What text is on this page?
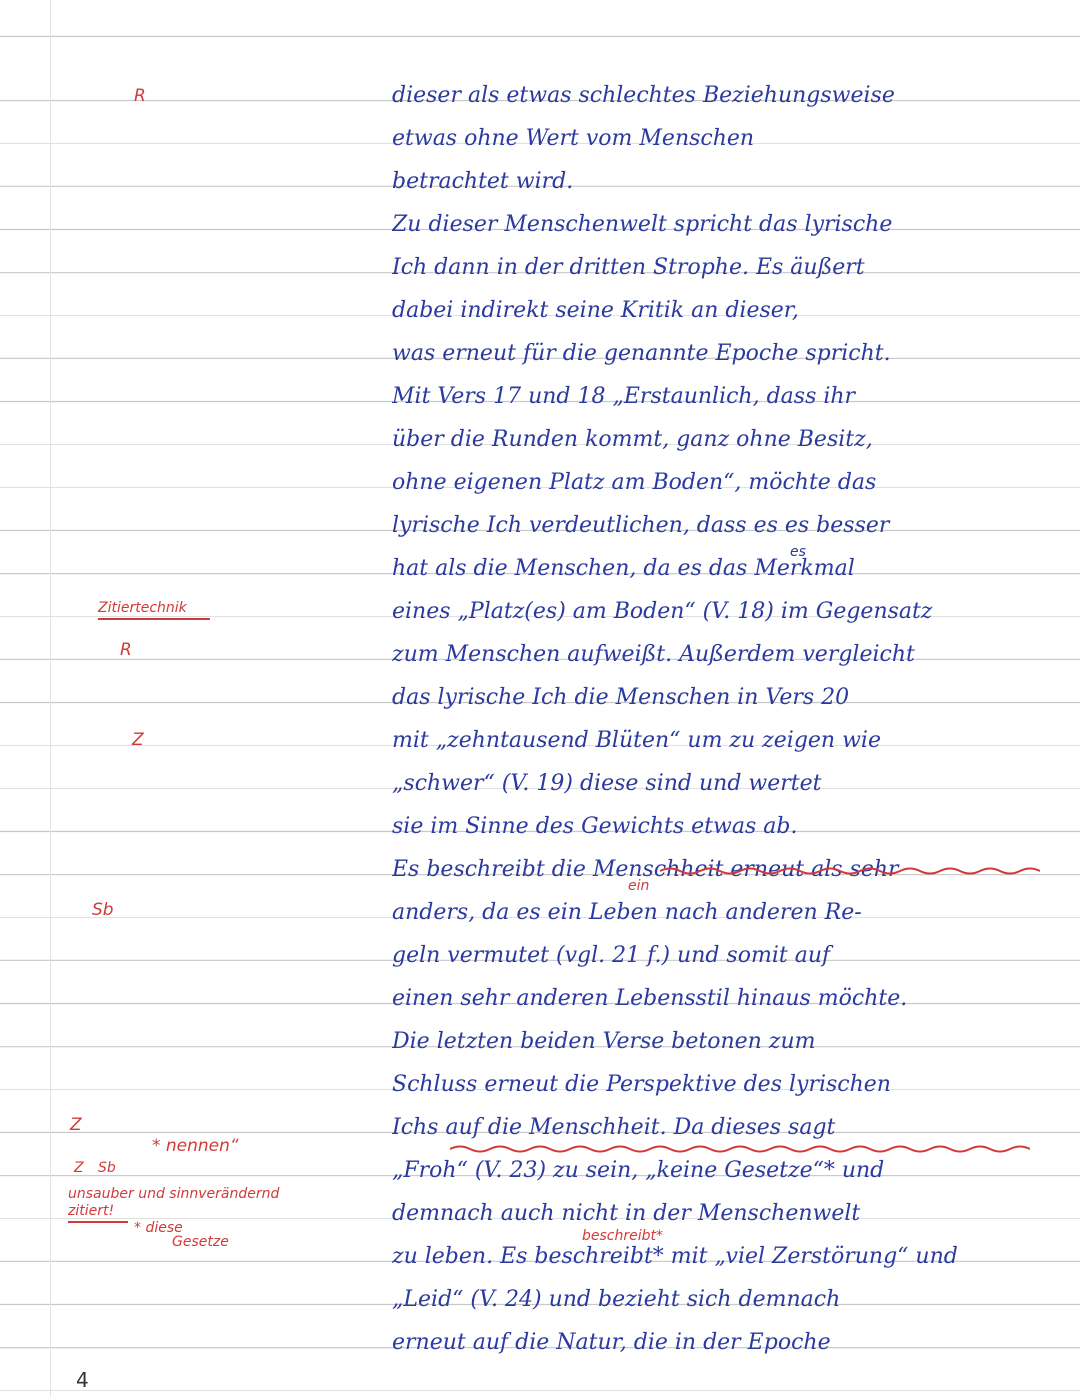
dieser als etwas schlechtes Beziehungsweise
etwas ohne Wert vom Menschen
betrachtet wird.
Zu dieser Menschenwelt spricht das lyrische
Ich dann in der dritten Strophe. Es äußert
dabei indirekt seine Kritik an dieser,
was erneut für die genannte Epoche spricht.
Mit Vers 17 und 18 „Erstaunlich, dass ihr
über die Runden kommt, ganz ohne Besitz,
ohne eigenen Platz am Boden“, möchte das
lyrische Ich verdeutlichen, dass es es besser
hat als die Menschen, da es das Merkmal
eines „Platz(es) am Boden“ (V. 18) im Gegensatz
zum Menschen aufweißt. Außerdem vergleicht
das lyrische Ich die Menschen in Vers 20
mit „zehntausend Blüten“ um zu zeigen wie
„schwer“ (V. 19) diese sind und wertet
sie im Sinne des Gewichts etwas ab.
Es beschreibt die Menschheit erneut als sehr
anders, da es ein Leben nach anderen Re-
geln vermutet (vgl. 21 f.) und somit auf
einen sehr anderen Lebensstil hinaus möchte.
Die letzten beiden Verse betonen zum
Schluss erneut die Perspektive des lyrischen
Ichs auf die Menschheit. Da dieses sagt
„Froh“ (V. 23) zu sein, „keine Gesetze“* und
demnach auch nicht in der Menschenwelt
zu leben. Es beschreibt* mit „viel Zerstörung“ und
„Leid“ (V. 24) und bezieht sich demnach
erneut auf die Natur, die in der Epoche
R
Zitiertechnik
R
Z
Sb
Z
Z Sb
* nennen“
unsauber und sinnverändernd
zitiert!
* diese
Gesetze
es
ein
beschreibt*
4
